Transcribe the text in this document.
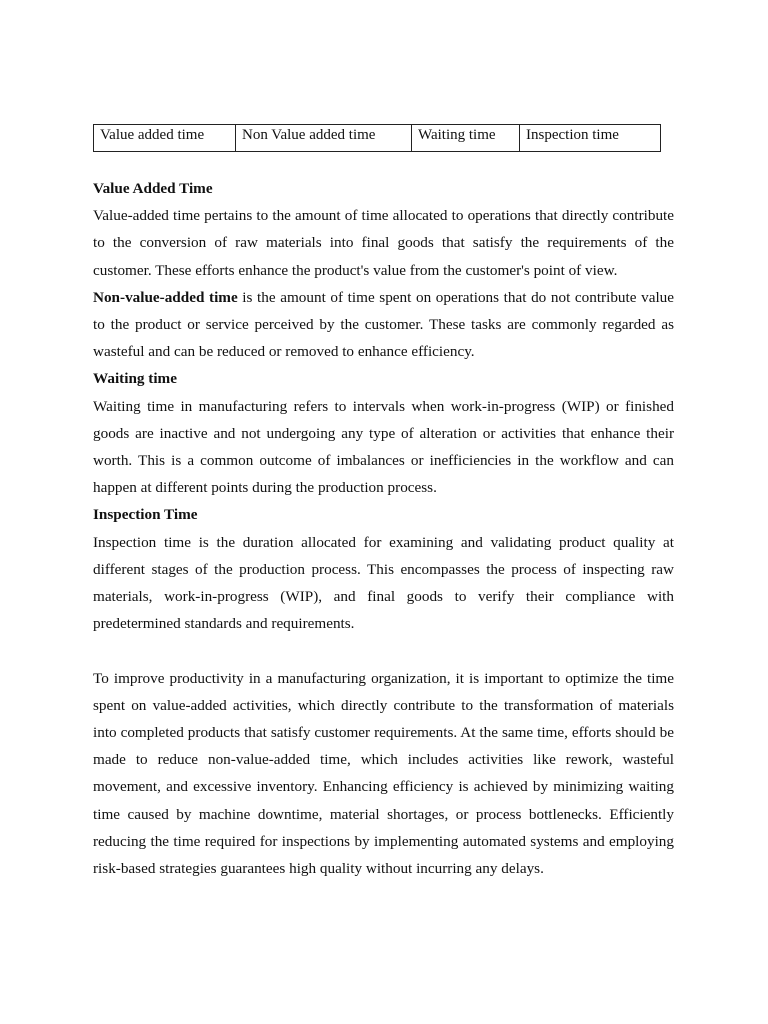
Value added time	Non Value added time	Waiting time	Inspection time
Value Added Time

Value-added time pertains to the amount of time allocated to operations that directly contribute to the conversion of raw materials into final goods that satisfy the requirements of the customer. These efforts enhance the product's value from the customer's point of view.

Non-value-added time is the amount of time spent on operations that do not contribute value to the product or service perceived by the customer. These tasks are commonly regarded as wasteful and can be reduced or removed to enhance efficiency.

Waiting time

Waiting time in manufacturing refers to intervals when work-in-progress (WIP) or finished goods are inactive and not undergoing any type of alteration or activities that enhance their worth. This is a common outcome of imbalances or inefficiencies in the workflow and can happen at different points during the production process.

Inspection Time

Inspection time is the duration allocated for examining and validating product quality at different stages of the production process. This encompasses the process of inspecting raw materials, work-in-progress (WIP), and final goods to verify their compliance with predetermined standards and requirements.

To improve productivity in a manufacturing organization, it is important to optimize the time spent on value-added activities, which directly contribute to the transformation of materials into completed products that satisfy customer requirements. At the same time, efforts should be made to reduce non-value-added time, which includes activities like rework, wasteful movement, and excessive inventory. Enhancing efficiency is achieved by minimizing waiting time caused by machine downtime, material shortages, or process bottlenecks. Efficiently reducing the time required for inspections by implementing automated systems and employing risk-based strategies guarantees high quality without incurring any delays.
